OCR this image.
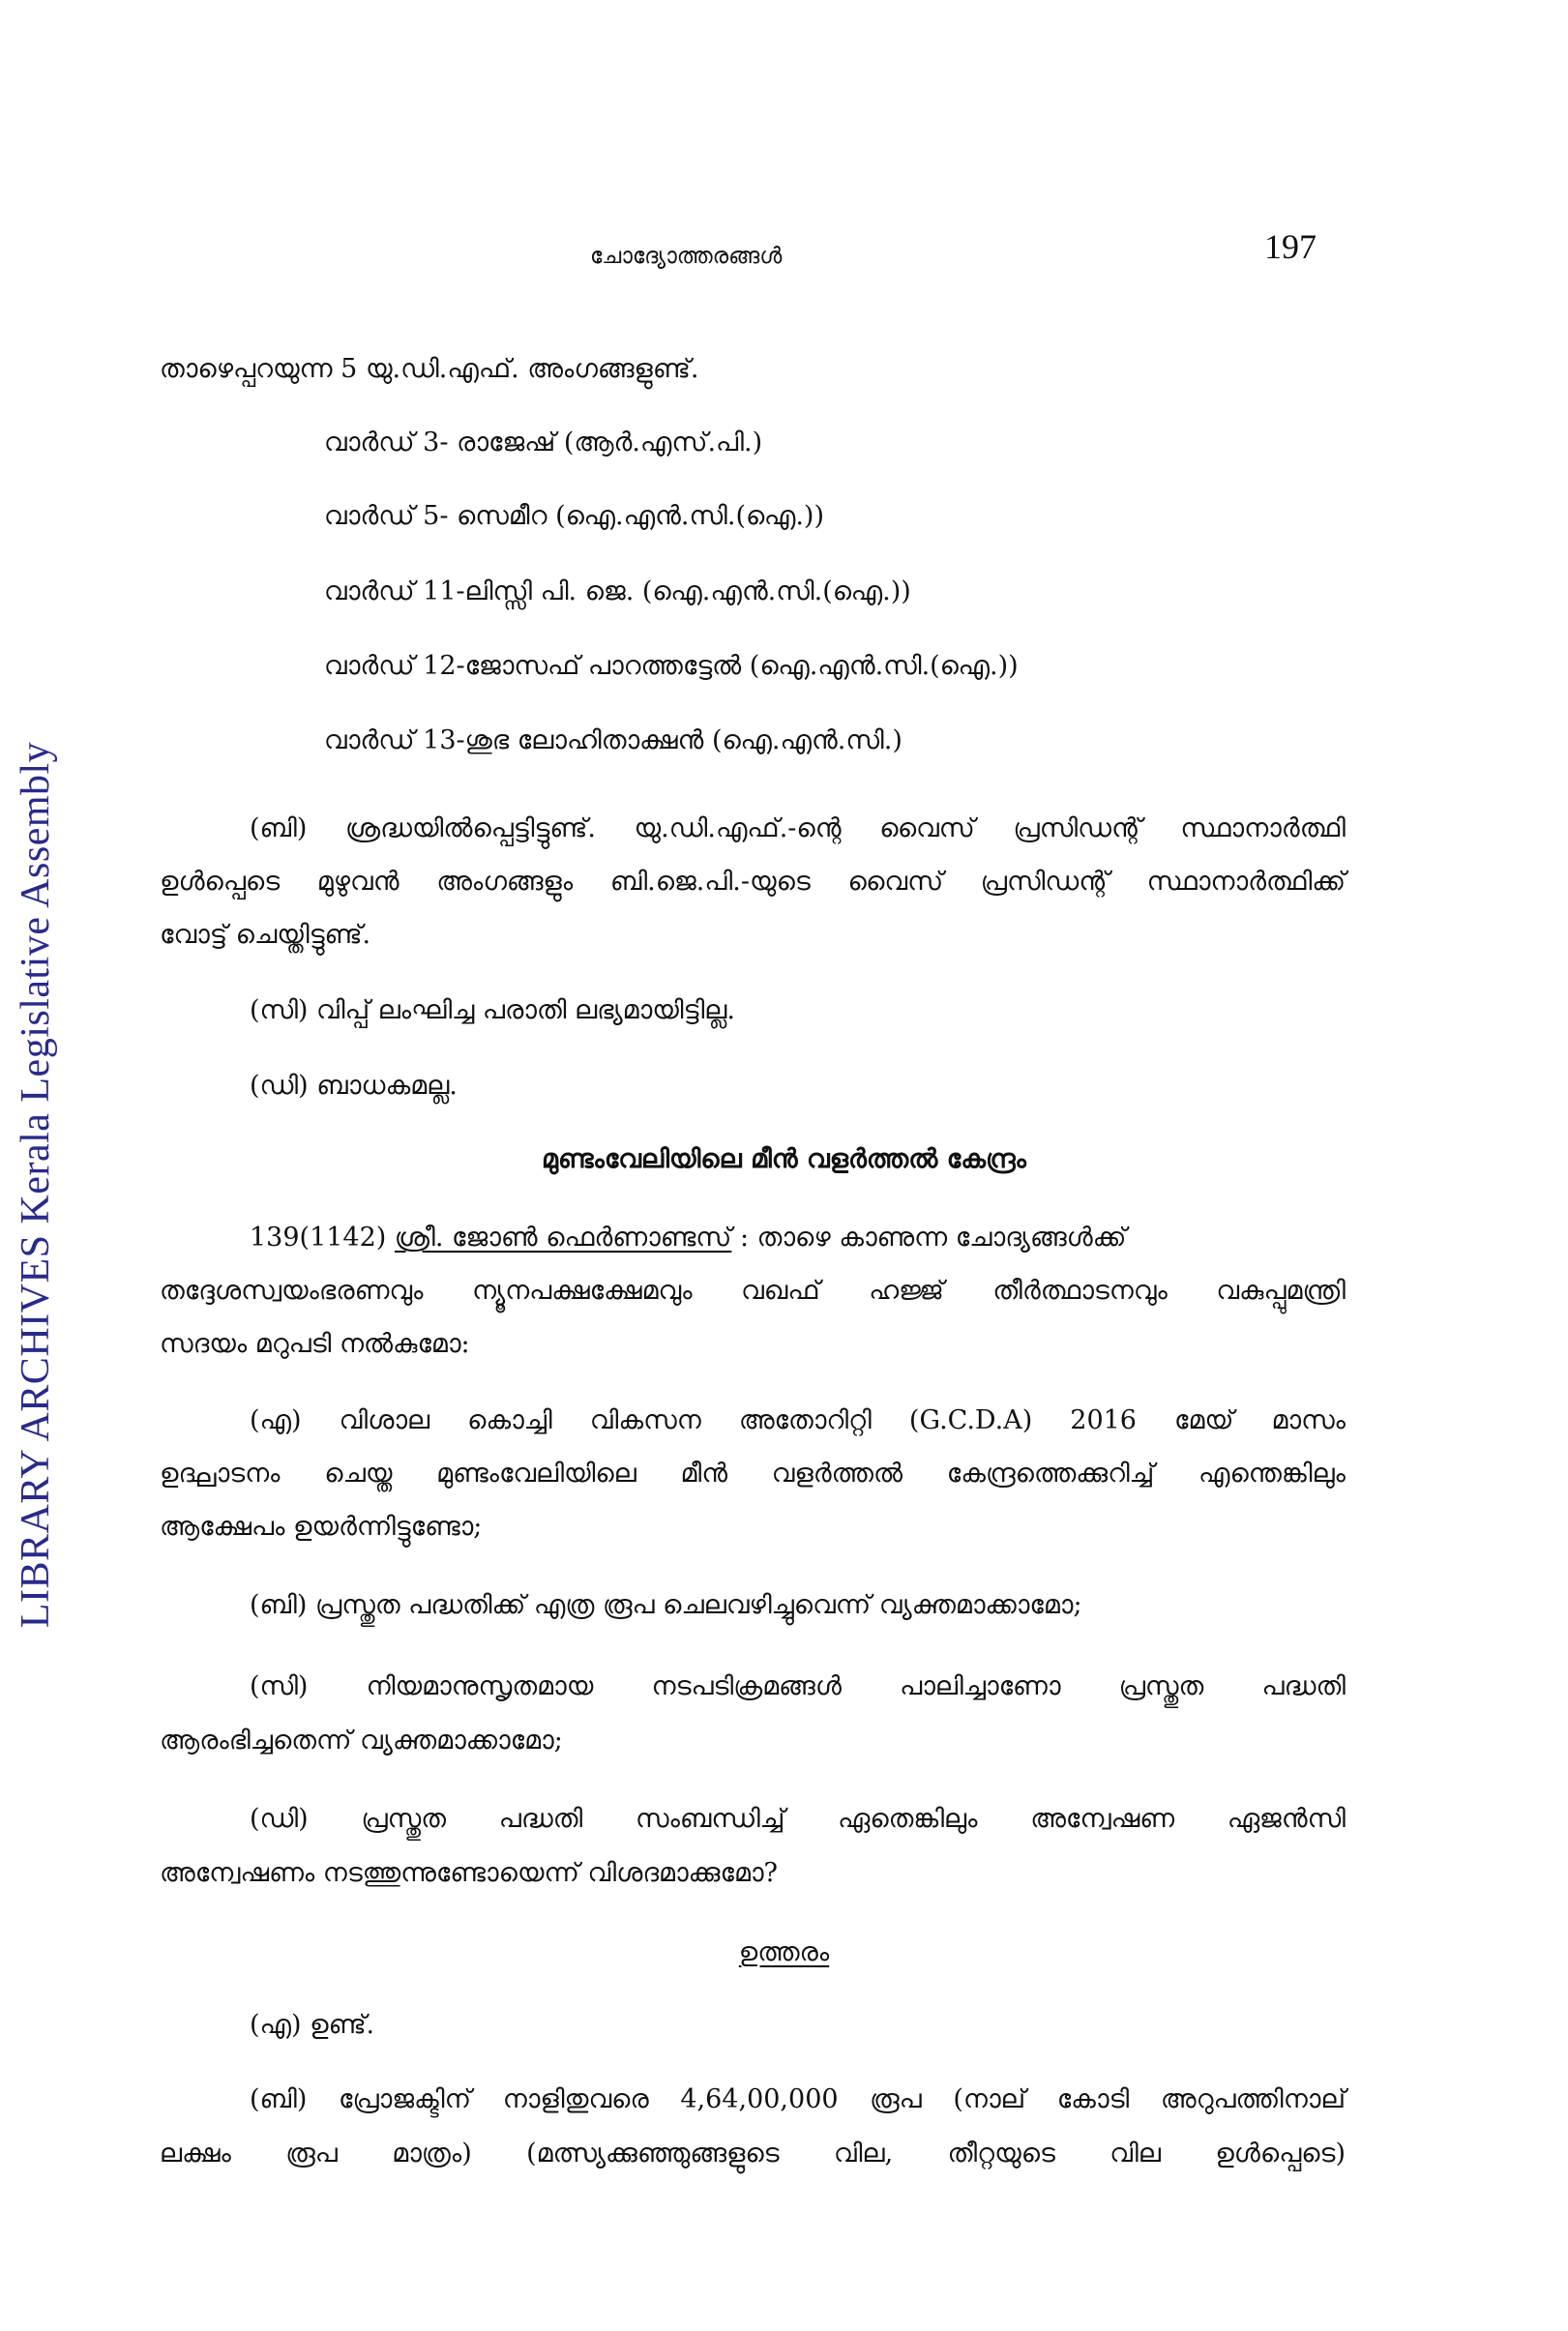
LIBRARY ARCHIVES Kerala Legislative Assembly
ചോദ്യോത്തരങ്ങൾ	197
താഴെപ്പറയുന്ന 5 യു.ഡി.എഫ്. അംഗങ്ങളുണ്ട്.
വാർഡ് 3- രാജേഷ് (ആർ.എസ്.പി.)
വാർഡ് 5- സെമീറ (ഐ.എൻ.സി.(ഐ.))
വാർഡ് 11-ലിസ്സി പി. ജെ. (ഐ.എൻ.സി.(ഐ.))
വാർഡ് 12-ജോസഫ് പാറത്തട്ടേൽ (ഐ.എൻ.സി.(ഐ.))
വാർഡ് 13-ശുഭ ലോഹിതാക്ഷൻ (ഐ.എൻ.സി.)
(ബി) ശ്രദ്ധയിൽപ്പെട്ടിട്ടുണ്ട്. യു.ഡി.എഫ്.-ന്റെ വൈസ് പ്രസിഡന്റ് സ്ഥാനാർത്ഥി
ഉൾപ്പെടെ മുഴുവൻ അംഗങ്ങളും ബി.ജെ.പി.-യുടെ വൈസ് പ്രസിഡന്റ് സ്ഥാനാർത്ഥിക്ക്
വോട്ട് ചെയ്തിട്ടുണ്ട്.
(സി) വിപ്പ് ലംഘിച്ച പരാതി ലഭ്യമായിട്ടില്ല.
(ഡി) ബാധകമല്ല.
മുണ്ടംവേലിയിലെ മീൻ വളർത്തൽ കേന്ദ്രം
139(1142) ശ്രീ. ജോൺ ഫെർണാണ്ടസ് : താഴെ കാണുന്ന ചോദ്യങ്ങൾക്ക്
തദ്ദേശസ്വയംഭരണവും ന്യൂനപക്ഷക്ഷേമവും വഖഫ് ഹജ്ജ് തീർത്ഥാടനവും വകുപ്പുമന്ത്രി
സദയം മറുപടി നൽകുമോ:
(എ) വിശാല കൊച്ചി വികസന അതോറിറ്റി (G.C.D.A) 2016 മേയ് മാസം
ഉദ്ഘാടനം ചെയ്ത മുണ്ടംവേലിയിലെ മീൻ വളർത്തൽ കേന്ദ്രത്തെക്കുറിച്ച് എന്തെങ്കിലും
ആക്ഷേപം ഉയർന്നിട്ടുണ്ടോ;
(ബി) പ്രസ്തുത പദ്ധതിക്ക് എത്ര രൂപ ചെലവഴിച്ചുവെന്ന് വ്യക്തമാക്കാമോ;
(സി) നിയമാനുസൃതമായ നടപടിക്രമങ്ങൾ പാലിച്ചാണോ പ്രസ്തുത പദ്ധതി
ആരംഭിച്ചതെന്ന് വ്യക്തമാക്കാമോ;
(ഡി) പ്രസ്തുത പദ്ധതി സംബന്ധിച്ച് ഏതെങ്കിലും അന്വേഷണ ഏജൻസി
അന്വേഷണം നടത്തുന്നുണ്ടോയെന്ന് വിശദമാക്കുമോ?
ഉത്തരം
(എ) ഉണ്ട്.
(ബി) പ്രോജക്ടിന് നാളിതുവരെ 4,64,00,000 രൂപ (നാല് കോടി അറുപത്തിനാല്
ലക്ഷം രൂപ മാത്രം) (മത്സ്യക്കുഞ്ഞുങ്ങളുടെ വില, തീറ്റയുടെ വില ഉൾപ്പെടെ)
